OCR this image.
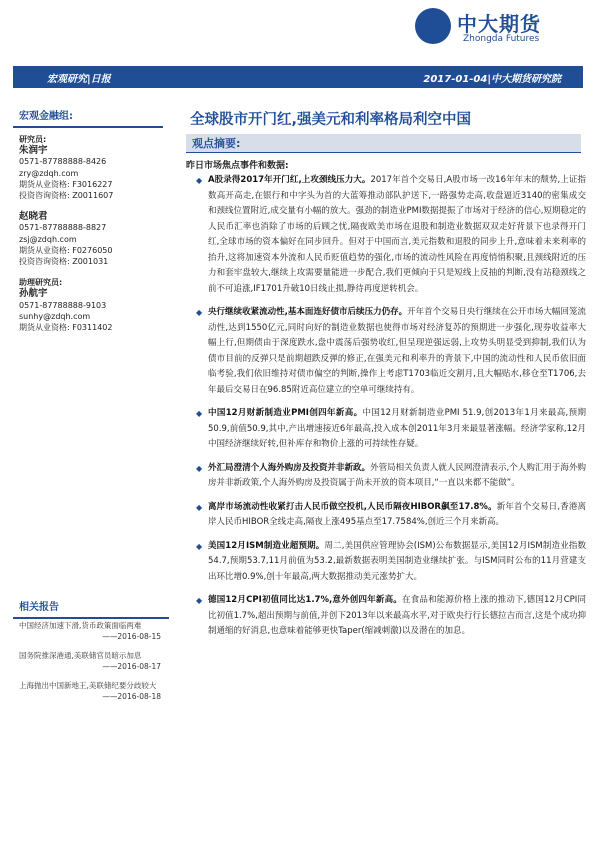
中大期货
Zhongda Futures
宏观研究|日报	2017-01-04|中大期货研究院
宏观金融组:
研究员:
朱润宇
0571-87788888-8426
zry@zdqh.com
期货从业资格: F3016227
投资咨询资格: Z0011607
赵晓君
0571-87788888-8827
zsj@zdqh.com
期货从业资格: F0276050
投资咨询资格: Z001031
助理研究员:
孙航宇
0571-87788888-9103
sunhy@zdqh.com
期货从业资格: F0311402
相关报告
中国经济加速下滑,货币政策面临两难
——2016-08-15
国务院推深港通,美联储官员暗示加息
——2016-08-17
上海抛出中国新地王,美联储纪要分歧较大
——2016-08-18
全球股市开门红,强美元和利率格局利空中国
观点摘要:
昨日市场焦点事件和数据:

◆ A股录得2017年开门红,上攻颈线压力大。2017年首个交易日,A股市场一改16年年末的颓势,上证指数高开高走,在银行和中字头为首的大蓝筹推动部队护送下,一路强势走高,收盘逼近3140的密集成交和颈线位置附近,成交量有小幅的放大。强劲的制造业PMI数据提振了市场对于经济的信心,短期稳定的人民币汇率也消除了市场的后顾之忧,隔夜欧美市场在退股和制造业数据双双走好背景下也录得开门红,全球市场的资本偏好在同步回升。但对于中国而言,美元指数和退股的同步上升,意味着未来利率的抬升,这将加速资本外流和人民币贬值趋势的强化,市场的流动性风险在再度悄悄积聚,且颈线附近的压力和套牢盘较大,继续上攻需要量能进一步配合,我们更倾向于只是短线上反抽的判断,没有站稳颈线之前不可追涨,IF1701升破10日线止损,静待再度逆转机会。

◆ 央行继续收紧流动性,基本面连好债市后续压力仍存。开年首个交易日央行继续在公开市场大幅回笼流动性,达到1550亿元,同时向好的制造业数据也使得市场对经济复苏的预期进一步强化,现券收益率大幅上行,但期债由于深度跌水,盘中震荡后强势收红,但呈现逆强远弱,上攻势头明显受到抑制,我们认为债市目前的反弹只是前期超跌反弹的修正,在强美元和利率升的背景下,中国的流动性和人民币依旧面临考验,我们依旧维持对债市偏空的判断,操作上考虑T1703临近交割月,且大幅贴水,移仓至T1706,去年最后交易日在96.85附近高位建立的空单可继续持有。

◆ 中国12月财新制造业PMI创四年新高。中国12月财新制造业PMI 51.9,创2013年1月来最高,预期50.9,前值50.9,其中,产出增速接近6年最高,投入成本创2011年3月来最显著涨幅。经济学家称,12月中国经济继续好转,但补库存和物价上涨的可持续性存疑。

◆ 外汇局澄清个人海外购房及投资并非新政。外管局相关负责人就人民网澄清表示,个人购汇用于海外购房并非新政策,个人海外购房及投资属于尚未开放的资本项目,“一直以来都不能做”。

◆ 离岸市场流动性收紧打击人民币做空投机,人民币隔夜HIBOR飙至17.8%。新年首个交易日,香港离岸人民币HIBOR全线走高,隔夜上涨495基点至17.7584%,创近三个月来新高。

◆ 美国12月ISM制造业超预期。周二,美国供应管理协会(ISM)公布数据显示,美国12月ISM制造业指数54.7,预期53.7,11月前值为53.2,最新数据表明美国制造业继续扩张。与ISM同时公布的11月营建支出环比增0.9%,创十年最高,两大数据推动美元涨势扩大。

◆ 德国12月CPI初值同比达1.7%,意外创四年新高。在食品和能源价格上涨的推动下,德国12月CPI同比初值1.7%,超出预期与前值,并创下2013年以来最高水平,对于欧央行行长德拉吉而言,这是个成功抑制通缩的好消息,也意味着能够更快Taper(缩减刺激)以及潜在的加息。
